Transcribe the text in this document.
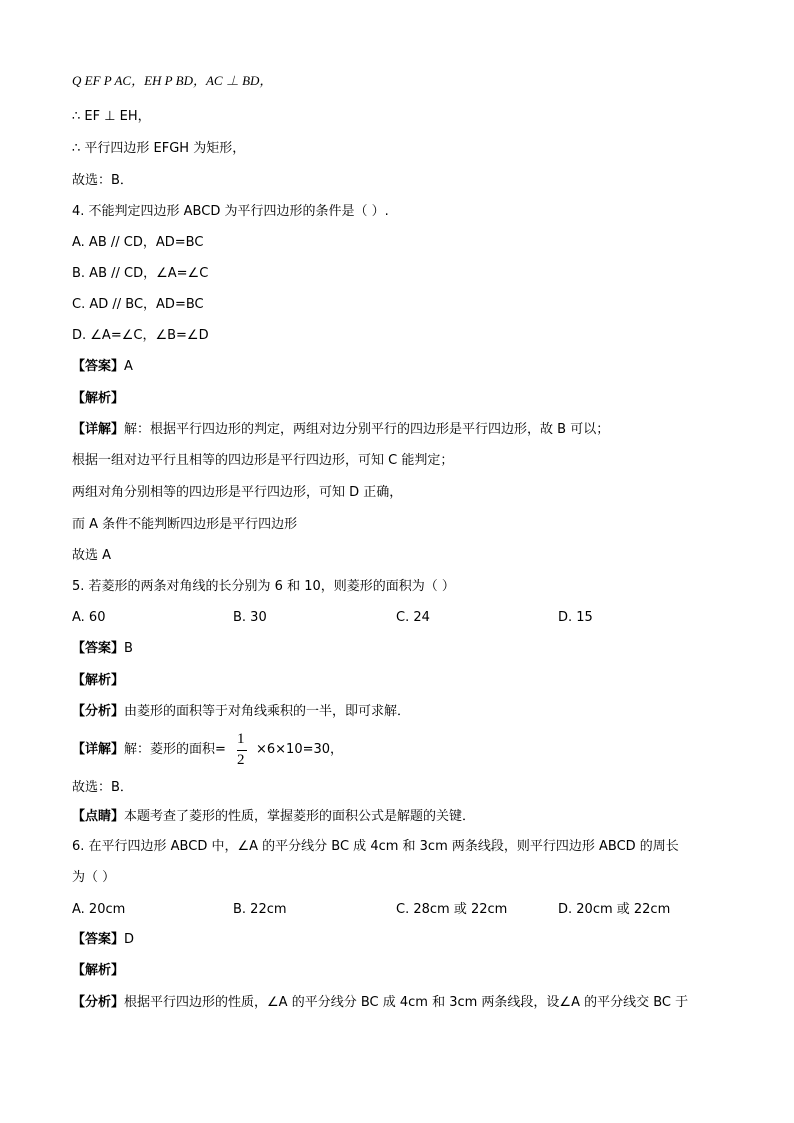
Q EF P AC，EH P BD，AC ⊥ BD，
∴ EF ⊥ EH，
∴ 平行四边形 EFGH 为矩形，
故选：B．
4. 不能判定四边形 ABCD 为平行四边形的条件是（ ）.
A. AB // CD，AD=BC
B. AB // CD，∠A=∠C
C. AD // BC，AD=BC
D. ∠A=∠C，∠B=∠D
【答案】A
【解析】
【详解】解：根据平行四边形的判定，两组对边分别平行的四边形是平行四边形，故 B 可以；
根据一组对边平行且相等的四边形是平行四边形，可知 C 能判定；
两组对角分别相等的四边形是平行四边形，可知 D 正确，
而 A 条件不能判断四边形是平行四边形
故选 A
5. 若菱形的两条对角线的长分别为 6 和 10，则菱形的面积为（ ）
A. 60	B. 30	C. 24	D. 15
【答案】B
【解析】
【分析】由菱形的面积等于对角线乘积的一半，即可求解．
【详解】解：菱形的面积=
1
2
×6×10=30，
故选：B．
【点睛】本题考查了菱形的性质，掌握菱形的面积公式是解题的关键．
6. 在平行四边形 ABCD 中，∠A 的平分线分 BC 成 4cm 和 3cm 两条线段，则平行四边形 ABCD 的周长
为（ ）
A. 20cm	B. 22cm	C. 28cm 或 22cm	D. 20cm 或 22cm
【答案】D
【解析】
【分析】根据平行四边形的性质，∠A 的平分线分 BC 成 4cm 和 3cm 两条线段，设∠A 的平分线交 BC 于
